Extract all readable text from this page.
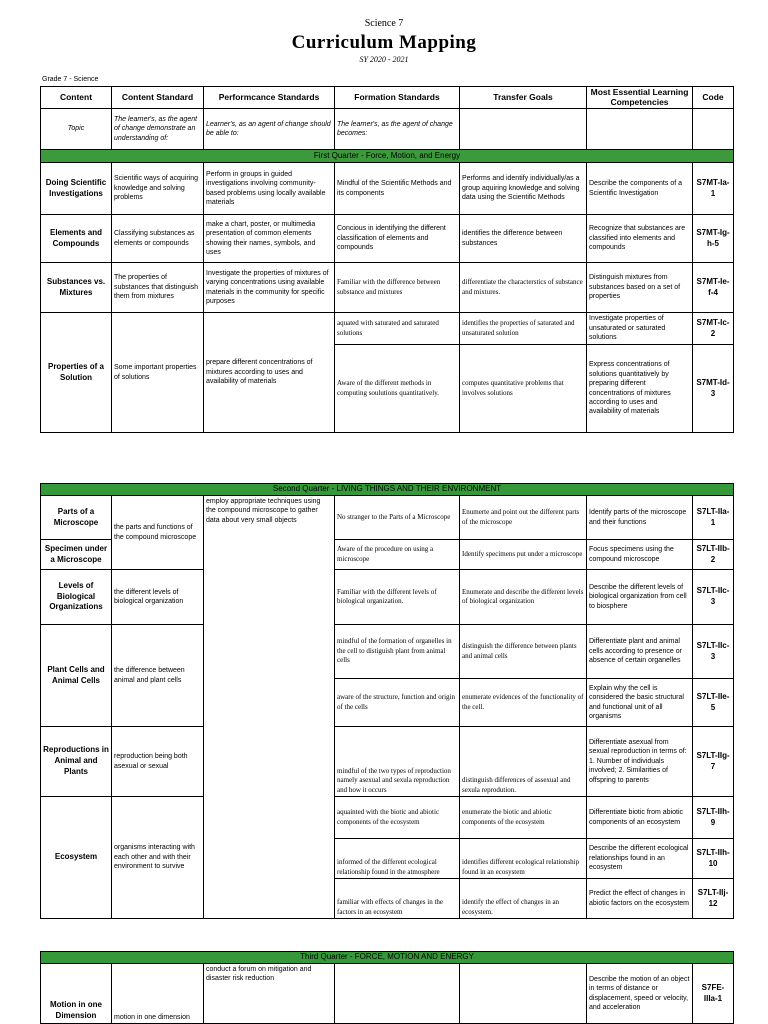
Science 7
Curriculum Mapping
SY 2020 - 2021
Grade 7 - Science
Content	Content Standard	Performcance Standards	Formation Standards	Transfer Goals	Most Essential Learning Competencies	Code
Topic	The learner's, as the agent of change demonstrate an understanding of:	Learner's, as an agent of change should be able to:	The learner's, as the agent of change becomes:			
First Quarter - Force, Motion, and Energy						
Doing Scientific Investigations	Scientific ways of acquiring knowledge and solving problems	Perform in groups in guided investigations involving community-based problems using locally available materials	Mindful of the Scientific Methods and its components	Performs and identify individually/as a group aquiring knowledge and solving data using the Scientific Methods	Describe the components of a Scientific Investigation	S7MT-Ia-1
Elements and Compounds	Classifying substances as elements or compounds	make a chart, poster, or multimedia presentation of common elements showing their names, symbols, and uses	Concious in identifying the different classification of elements and compounds	identifies the difference between substances	Recognize that substances are classified into elements and compounds	S7MT-Ig-h-5
Substances vs. Mixtures	The properties of substances that distinguish them from mixtures	Investigate the properties of mixtures of varying concentrations using available materials in the community for specific purposes	Familiar with the difference between substance and mixtures	differentiate the characterstics of substance and mixtures.	Distinguish mixtures from substances based on a set of properties	S7MT-Ie-f-4
Properties of a Solution	Some important properties of solutions	prepare different concentrations of mixtures according to uses and availability of materials	aquated with saturated and saturated solutions	identifies the properties of saturated and unsaturated solution	Investigate properties of unsaturated or saturated solutions	S7MT-Ic-2
			Aware of the different methods in computing soulutions quantitatively.	computes quantitative problems that involves solutions	Express concentrations of solutions quantitatively by preparing different concentrations of mixtures according to uses and availability of materials	S7MT-Id-3
Second Quarter - LIVING THINGS AND THEIR ENVIRONMENT						
Parts of a Microscope	the parts and functions of the compound microscope	employ appropriate techniques using the compound microscope to gather data about very small objects	No stranger to the Parts of a Microscope	Enumerte and point out the different parts of the microscope	Identify parts of the microscope and their functions	S7LT-IIa-1
Specimen under a Microscope			Aware of the procedure on using a microscope	Identify specimens put under a microscope	Focus specimens using the compound microscope	S7LT-IIb-2
Levels of Biological Organizations	the different levels of biological organization		Familiar with the different levels of biological organization.	Enumerate and describe the different levels of biological organization	Describe the different levels of biological organization from cell to biosphere	S7LT-IIc-3
Plant Cells and Animal Cells	the difference between animal and plant cells		mindful of the formation of organelles in the cell to distiguish plant from animal cells	distinguish the difference between plants and animal cells	Differentiate plant and animal cells according to presence or absence of certain organelles	S7LT-IIc-3
			aware of the structure, function and origin of the cells	enumerate evidences of the functionality of the cell.	Explain why the cell is considered the basic structural and functional unit of all organisms	S7LT-IIe-5
Reproductions in Animal and Plants	reproduction being both asexual or sexual		mindful of the two types of reproduction namely asexual and sexula reproduction and how it occurs	distinguish differences of assexual and sexula reprodution.	Differentiate asexual from sexual reproduction in terms of: 1. Number of individuals involved; 2. Similarities of offspring to parents	S7LT-IIg-7
Ecosystem	organisms interacting with each other and with their environment to survive		aquainted with the biotic and abiotic components of the ecosystem	enumerate the biotic and abiotic components of the ecosystem	Differentiate biotic from abiotic components of an ecosystem	S7LT-IIh-9
			informed of the different ecological relationship found in the atmosphere	identifies different ecological relationship found in an ecosystem	Describe the different ecological relationships found in an ecosystem	S7LT-IIh-10
			familiar with effects of changes in the factors in an ecosystem	identify the effect of changes in an ecosystem.	Predict the effect of changes in abiotic factors on the ecosystem	S7LT-IIj-12
Third Quarter - FORCE, MOTION AND ENERGY
Motion in one Dimension	motion in one dimension	conduct a forum on mitigation and disaster risk reduction			Describe the motion of an object in terms of distance or displacement, speed or velocity, and acceleration	S7FE-IIIa-1
